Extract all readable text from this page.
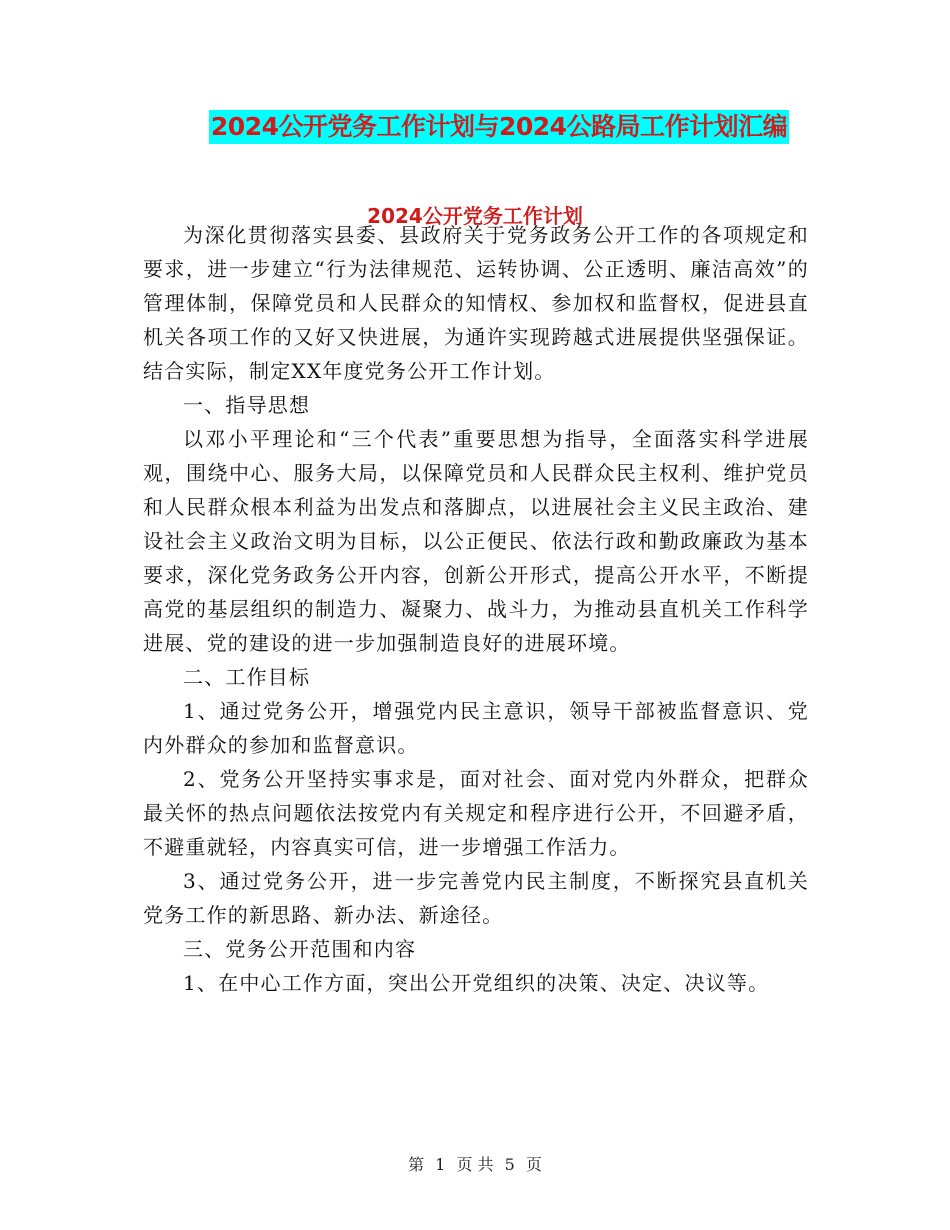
2024公开党务工作计划与2024公路局工作计划汇编
2024公开党务工作计划

为深化贯彻落实县委、县政府关于党务政务公开工作的各项规定和要求，进一步建立“行为法律规范、运转协调、公正透明、廉洁高效”的管理体制，保障党员和人民群众的知情权、参加权和监督权，促进县直机关各项工作的又好又快进展，为通许实现跨越式进展提供坚强保证。结合实际，制定XX年度党务公开工作计划。

一、指导思想

以邓小平理论和“三个代表”重要思想为指导，全面落实科学进展观，围绕中心、服务大局，以保障党员和人民群众民主权利、维护党员和人民群众根本利益为出发点和落脚点，以进展社会主义民主政治、建设社会主义政治文明为目标，以公正便民、依法行政和勤政廉政为基本要求，深化党务政务公开内容，创新公开形式，提高公开水平，不断提高党的基层组织的制造力、凝聚力、战斗力，为推动县直机关工作科学进展、党的建设的进一步加强制造良好的进展环境。

二、工作目标

1、通过党务公开，增强党内民主意识，领导干部被监督意识、党内外群众的参加和监督意识。

2、党务公开坚持实事求是，面对社会、面对党内外群众，把群众最关怀的热点问题依法按党内有关规定和程序进行公开，不回避矛盾，不避重就轻，内容真实可信，进一步增强工作活力。

3、通过党务公开，进一步完善党内民主制度，不断探究县直机关党务工作的新思路、新办法、新途径。

三、党务公开范围和内容

1、在中心工作方面，突出公开党组织的决策、决定、决议等。

第 1 页 共 5 页
